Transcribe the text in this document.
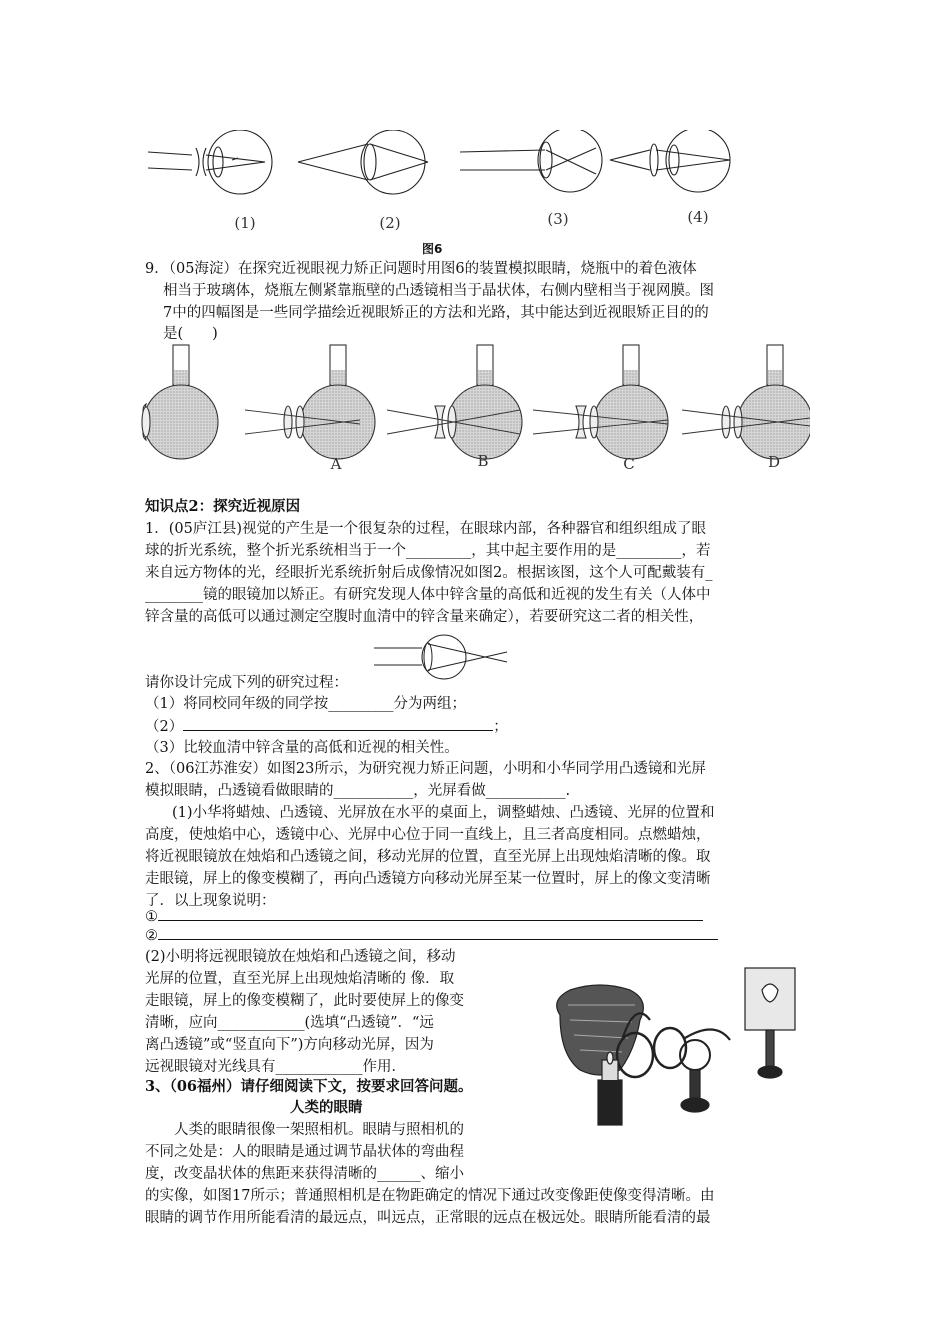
(1)	(2)	(3)	(4)
图6
9．（05海淀）在探究近视眼视力矫正问题时用图6的装置模拟眼睛，烧瓶中的着色液体
相当于玻璃体，烧瓶左侧紧靠瓶壁的凸透镜相当于晶状体，右侧内壁相当于视网膜。图
7中的四幅图是一些同学描绘近视眼矫正的方法和光路，其中能达到近视眼矫正目的的
是(　　)
A	B	C	D
知识点2：探究近视原因
1．(05庐江县)视觉的产生是一个很复杂的过程，在眼球内部，各种器官和组织组成了眼
球的折光系统，整个折光系统相当于一个_________，其中起主要作用的是_________，若
来自远方物体的光，经眼折光系统折射后成像情况如图2。根据该图，这个人可配戴装有_
________镜的眼镜加以矫正。有研究发现人体中锌含量的高低和近视的发生有关（人体中
锌含量的高低可以通过测定空腹时血清中的锌含量来确定），若要研究这二者的相关性，
请你设计完成下列的研究过程：
（1）将同校同年级的同学按_________分为两组；
（2）	；
（3）比较血清中锌含量的高低和近视的相关性。
2、（06江苏淮安）如图23所示，为研究视力矫正问题，小明和小华同学用凸透镜和光屏
模拟眼睛，凸透镜看做眼睛的___________，光屏看做___________.
(1)小华将蜡烛、凸透镜、光屏放在水平的桌面上，调整蜡烛、凸透镜、光屏的位置和
高度，使烛焰中心，透镜中心、光屏中心位于同一直线上，且三者高度相同。点燃蜡烛，
将近视眼镜放在烛焰和凸透镜之间，移动光屏的位置，直至光屏上出现烛焰清晰的像。取
走眼镜，屏上的像变模糊了，再向凸透镜方向移动光屏至某一位置时，屏上的像文变清晰
了．以上现象说明：
①
②
(2)小明将远视眼镜放在烛焰和凸透镜之间，移动
光屏的位置，直至光屏上出现烛焰清晰的 像．取
走眼镜，屏上的像变模糊了，此时要使屏上的像变
清晰，应向____________(选填“凸透镜”．“远
离凸透镜”或“竖直向下”)方向移动光屏，因为
远视眼镜对光线具有____________作用．
3、（06福州）请仔细阅读下文，按要求回答问题。
人类的眼睛
　　人类的眼睛很像一架照相机。眼睛与照相机的
不同之处是：人的眼睛是通过调节晶状体的弯曲程
度，改变晶状体的焦距来获得清晰的______、缩小
的实像，如图17所示；普通照相机是在物距确定的情况下通过改变像距使像变得清晰。由
眼睛的调节作用所能看清的最远点，叫远点，正常眼的远点在极远处。眼睛所能看清的最
